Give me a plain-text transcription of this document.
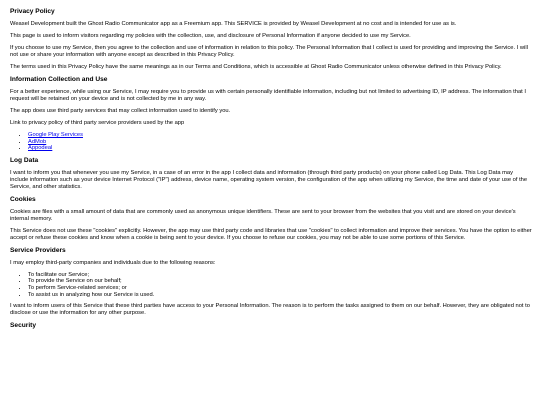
Privacy Policy
Weasel Development built the Ghost Radio Communicator app as a Freemium app. This SERVICE is provided by Weasel Development at no cost and is intended for use as is.
This page is used to inform visitors regarding my policies with the collection, use, and disclosure of Personal Information if anyone decided to use my Service.
If you choose to use my Service, then you agree to the collection and use of information in relation to this policy. The Personal Information that I collect is used for providing and improving the Service. I will not use or share your information with anyone except as described in this Privacy Policy.
The terms used in this Privacy Policy have the same meanings as in our Terms and Conditions, which is accessible at Ghost Radio Communicator unless otherwise defined in this Privacy Policy.
Information Collection and Use
For a better experience, while using our Service, I may require you to provide us with certain personally identifiable information, including but not limited to advertising ID, IP address. The information that I request will be retained on your device and is not collected by me in any way.
The app does use third party services that may collect information used to identify you.
Link to privacy policy of third party service providers used by the app
• Google Play Services
• AdMob
• Appodeal
Log Data
I want to inform you that whenever you use my Service, in a case of an error in the app I collect data and information (through third party products) on your phone called Log Data. This Log Data may include information such as your device Internet Protocol ("IP") address, device name, operating system version, the configuration of the app when utilizing my Service, the time and date of your use of the Service, and other statistics.
Cookies
Cookies are files with a small amount of data that are commonly used as anonymous unique identifiers. These are sent to your browser from the websites that you visit and are stored on your device's internal memory.
This Service does not use these "cookies" explicitly. However, the app may use third party code and libraries that use "cookies" to collect information and improve their services. You have the option to either accept or refuse these cookies and know when a cookie is being sent to your device. If you choose to refuse our cookies, you may not be able to use some portions of this Service.
Service Providers
I may employ third-party companies and individuals due to the following reasons:
• To facilitate our Service;
• To provide the Service on our behalf;
• To perform Service-related services; or
• To assist us in analyzing how our Service is used.
I want to inform users of this Service that these third parties have access to your Personal Information. The reason is to perform the tasks assigned to them on our behalf. However, they are obligated not to disclose or use the information for any other purpose.
Security
